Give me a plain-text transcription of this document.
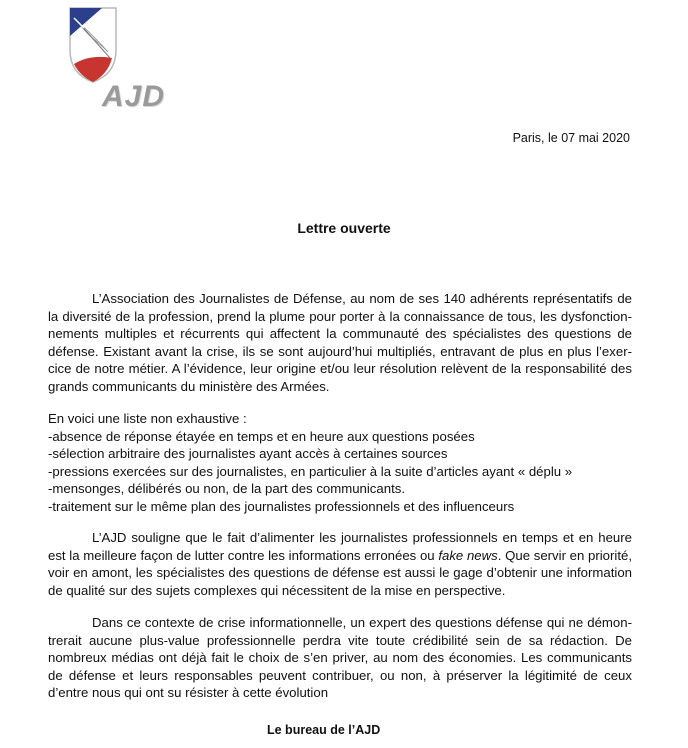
AJD

Paris, le 07 mai 2020

Lettre ouverte

L’Association des Journalistes de Défense, au nom de ses 140 adhérents représentatifs de la diversité de la profession, prend la plume pour porter à la connaissance de tous, les dysfonctionnements multiples et récurrents qui affectent la communauté des spécialistes des questions de défense. Existant avant la crise, ils se sont aujourd’hui multipliés, entravant de plus en plus l’exercice de notre métier. A l’évidence, leur origine et/ou leur résolution relèvent de la responsabilité des grands communicants du ministère des Armées.

En voici une liste non exhaustive :
-absence de réponse étayée en temps et en heure aux questions posées
-sélection arbitraire des journalistes ayant accès à certaines sources
-pressions exercées sur des journalistes, en particulier à la suite d’articles ayant « déplu »
-mensonges, délibérés ou non, de la part des communicants.
-traitement sur le même plan des journalistes professionnels et des influenceurs

L’AJD souligne que le fait d’alimenter les journalistes professionnels en temps et en heure est la meilleure façon de lutter contre les informations erronées ou fake news. Que servir en priorité, voir en amont, les spécialistes des questions de défense est aussi le gage d’obtenir une information de qualité sur des sujets complexes qui nécessitent de la mise en perspective.

Dans ce contexte de crise informationnelle, un expert des questions défense qui ne démontrerait aucune plus-value professionnelle perdra vite toute crédibilité sein de sa rédaction. De nombreux médias ont déjà fait le choix de s’en priver, au nom des économies. Les communicants de défense et leurs responsables peuvent contribuer, ou non, à préserver la légitimité de ceux d’entre nous qui ont su résister à cette évolution

Le bureau de l’AJD
